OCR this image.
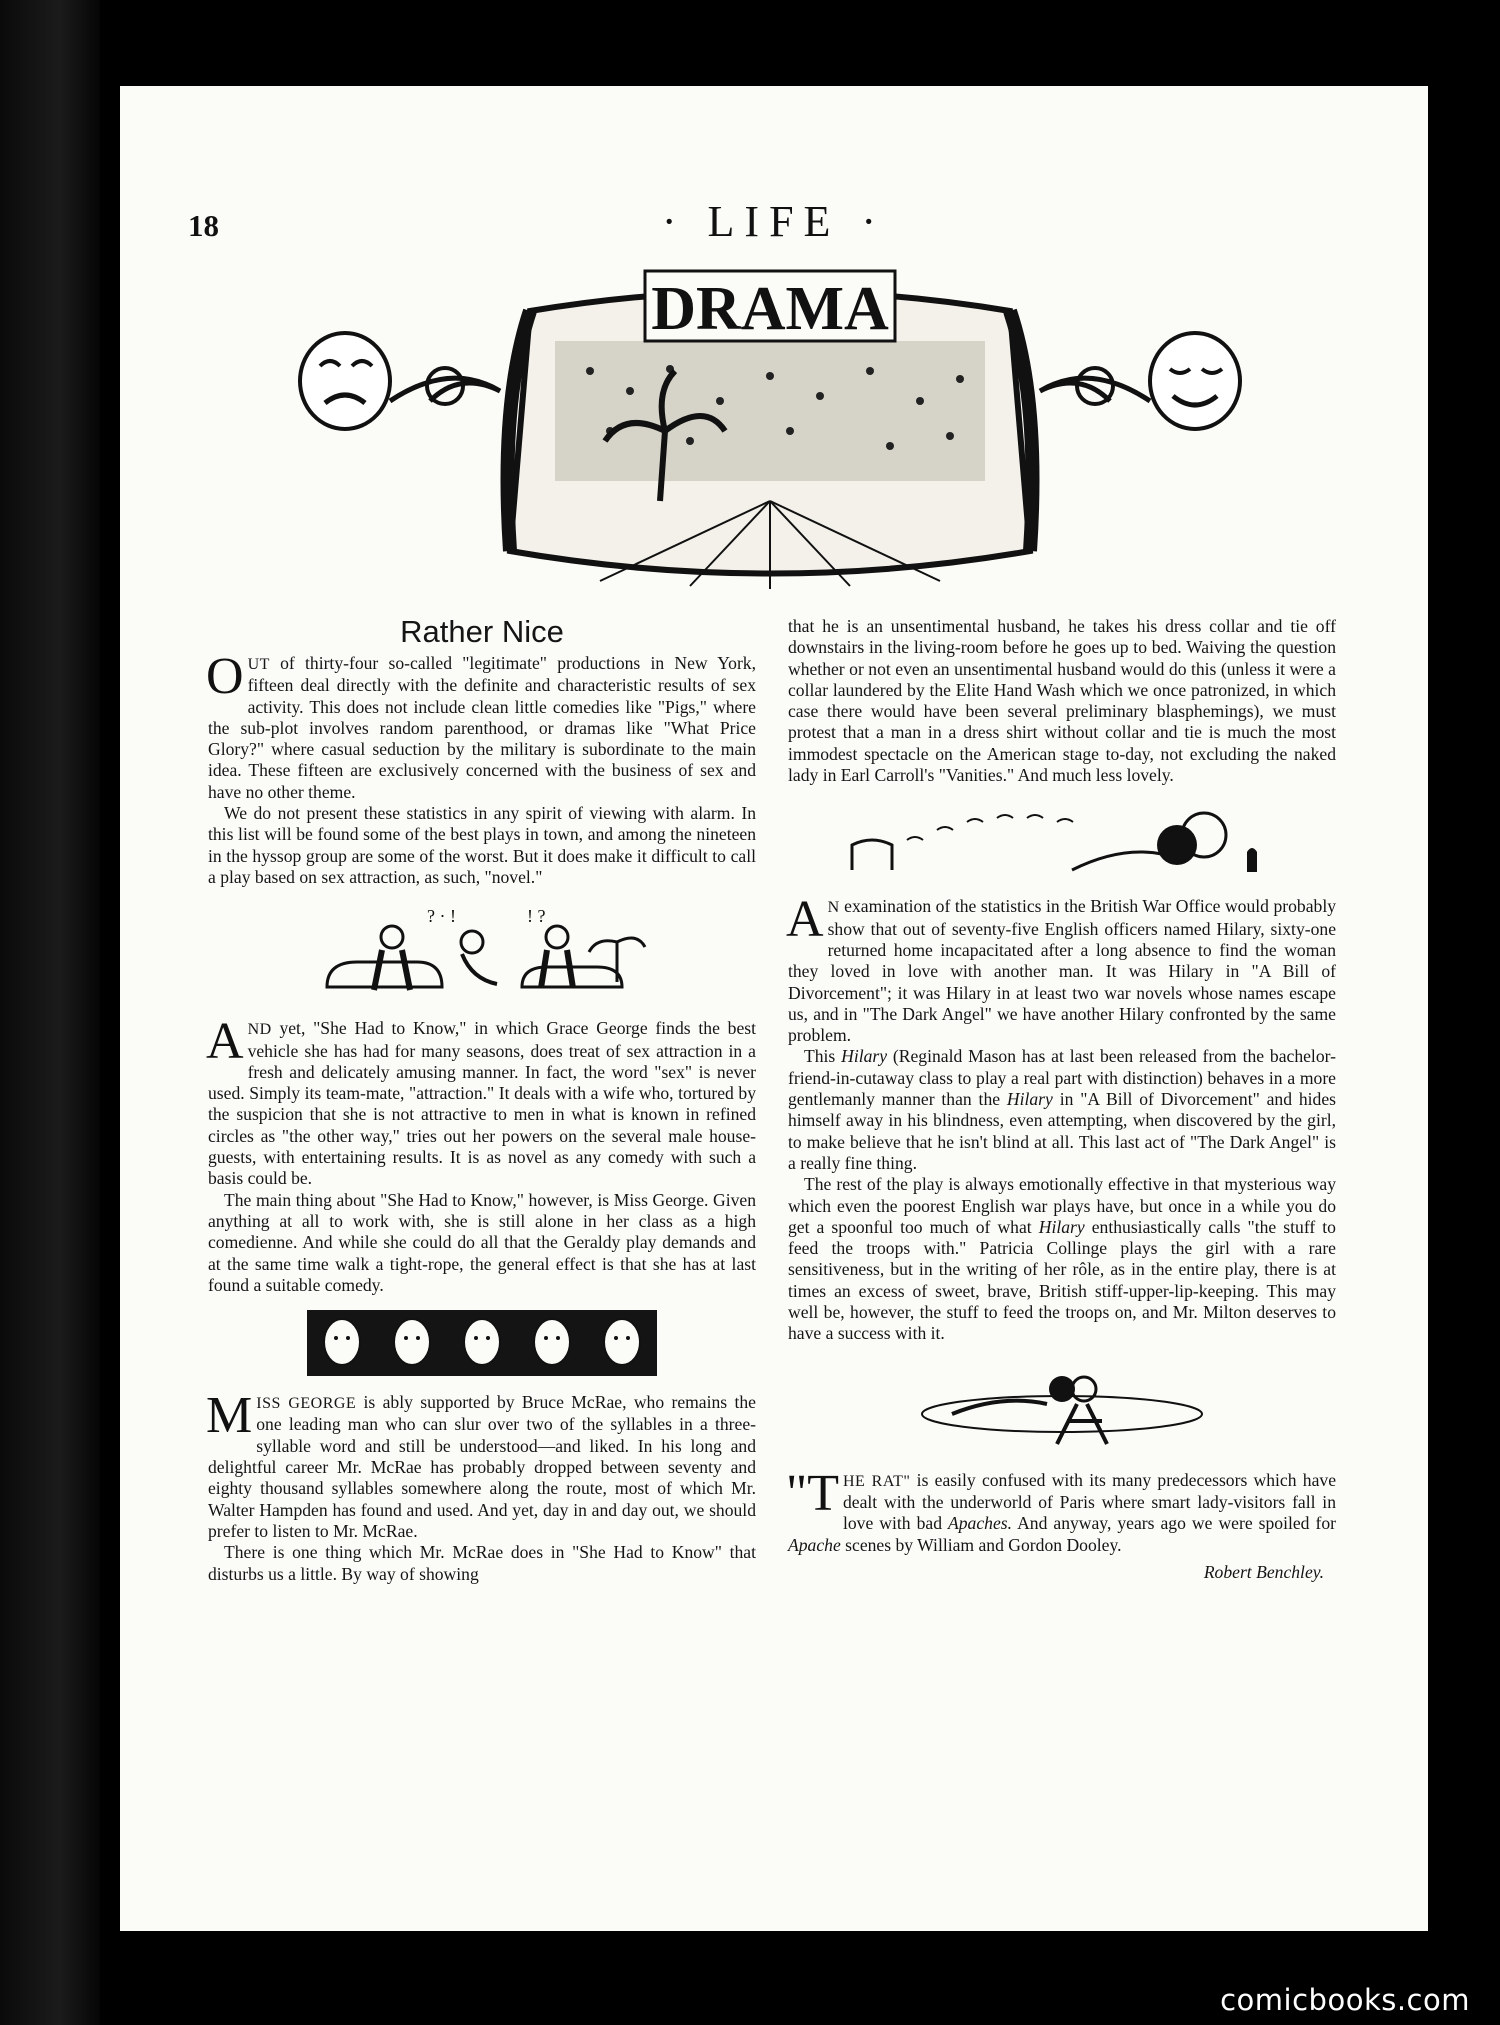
18	· LIFE ·
DRAMA
Rather Nice

OUT of thirty-four so-called "legitimate" productions in New York, fifteen deal directly with the definite and characteristic results of sex activity. This does not include clean little comedies like "Pigs," where the sub-plot involves random parenthood, or dramas like "What Price Glory?" where casual seduction by the military is subordinate to the main idea. These fifteen are exclusively concerned with the business of sex and have no other theme.

We do not present these statistics in any spirit of viewing with alarm. In this list will be found some of the best plays in town, and among the nineteen in the hyssop group are some of the worst. But it does make it difficult to call a play based on sex attraction, as such, "novel."

? · !	! ?

AND yet, "She Had to Know," in which Grace George finds the best vehicle she has had for many seasons, does treat of sex attraction in a fresh and delicately amusing manner. In fact, the word "sex" is never used. Simply its team-mate, "attraction." It deals with a wife who, tortured by the suspicion that she is not attractive to men in what is known in refined circles as "the other way," tries out her powers on the several male house-guests, with entertaining results. It is as novel as any comedy with such a basis could be.

The main thing about "She Had to Know," however, is Miss George. Given anything at all to work with, she is still alone in her class as a high comedienne. And while she could do all that the Geraldy play demands and at the same time walk a tight-rope, the general effect is that she has at last found a suitable comedy.

MISS GEORGE is ably supported by Bruce McRae, who remains the one leading man who can slur over two of the syllables in a three-syllable word and still be understood—and liked. In his long and delightful career Mr. McRae has probably dropped between seventy and eighty thousand syllables somewhere along the route, most of which Mr. Walter Hampden has found and used. And yet, day in and day out, we should prefer to listen to Mr. McRae.

There is one thing which Mr. McRae does in "She Had to Know" that disturbs us a little. By way of showing

that he is an unsentimental husband, he takes his dress collar and tie off downstairs in the living-room before he goes up to bed. Waiving the question whether or not even an unsentimental husband would do this (unless it were a collar laundered by the Elite Hand Wash which we once patronized, in which case there would have been several preliminary blasphemings), we must protest that a man in a dress shirt without collar and tie is much the most immodest spectacle on the American stage to-day, not excluding the naked lady in Earl Carroll's "Vanities." And much less lovely.

A N examination of the statistics in the British War Office would probably show that out of seventy-five English officers named Hilary, sixty-one returned home incapacitated after a long absence to find the woman they loved in love with another man. It was Hilary in "A Bill of Divorcement"; it was Hilary in at least two war novels whose names escape us, and in "The Dark Angel" we have another Hilary confronted by the same problem.

This Hilary (Reginald Mason has at last been released from the bachelor-friend-in-cutaway class to play a real part with distinction) behaves in a more gentlemanly manner than the Hilary in "A Bill of Divorcement" and hides himself away in his blindness, even attempting, when discovered by the girl, to make believe that he isn't blind at all. This last act of "The Dark Angel" is a really fine thing.

The rest of the play is always emotionally effective in that mysterious way which even the poorest English war plays have, but once in a while you do get a spoonful too much of what Hilary enthusiastically calls "the stuff to feed the troops with." Patricia Collinge plays the girl with a rare sensitiveness, but in the writing of her rôle, as in the entire play, there is at times an excess of sweet, brave, British stiff-upper-lip-keeping. This may well be, however, the stuff to feed the troops on, and Mr. Milton deserves to have a success with it.

"THE RAT" is easily confused with its many predecessors which have dealt with the underworld of Paris where smart lady-visitors fall in love with bad Apaches. And anyway, years ago we were spoiled for Apache scenes by William and Gordon Dooley.

Robert Benchley.
comicbooks.com
